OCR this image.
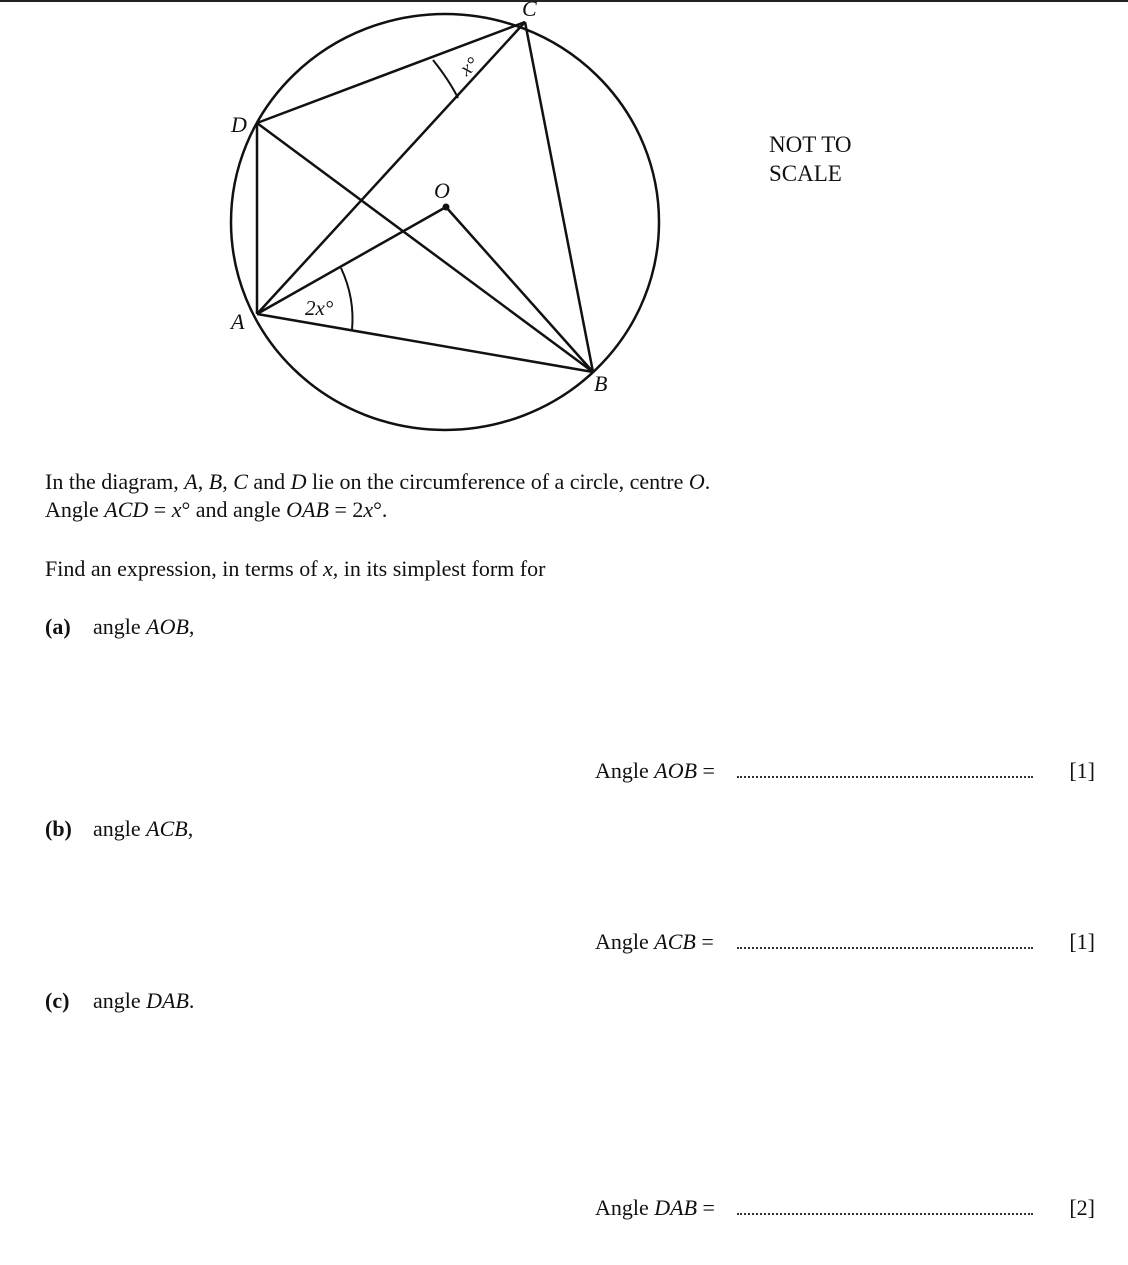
C
D
O
A
B
x°
2x°
NOT TO
SCALE
In the diagram, A, B, C and D lie on the circumference of a circle, centre O.
Angle ACD = x° and angle OAB = 2x°.
Find an expression, in terms of x, in its simplest form for
(a) angle AOB,
Angle AOB =	[1]
(b) angle ACB,
Angle ACB =	[1]
(c) angle DAB.
Angle DAB =	[2]
